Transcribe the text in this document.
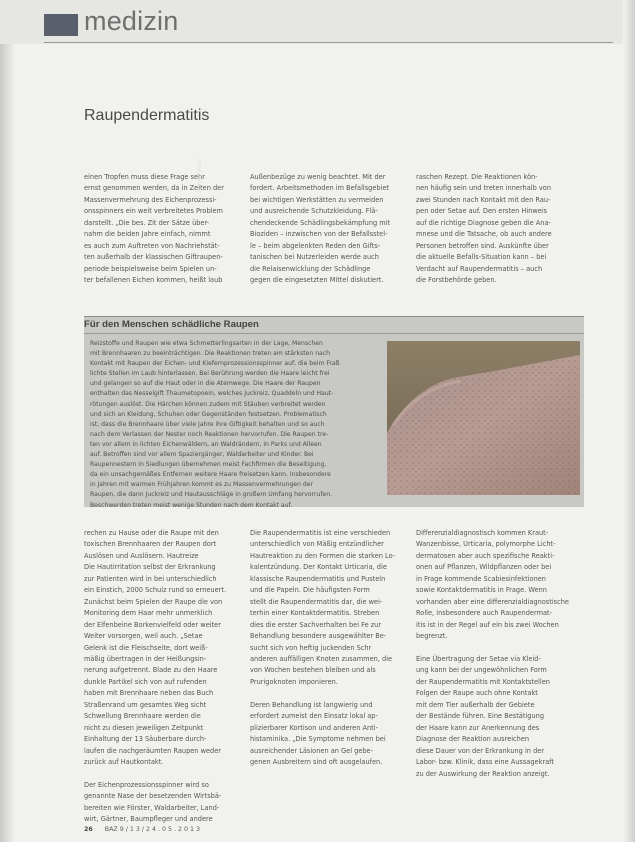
medizin
Raupendermatitis
einen Tropfen muss diese Frage sehr
ernst genommen werden, da in Zeiten der
Massenvermehrung des Eichenprozessi-
onsspinners ein weit verbreitetes Problem
darstellt. „Die bes. Zit der Sätze über-
nahm die beiden Jahre einfach, nimmt
es auch zum Auftreten von Nachriehstät-
ten außerhalb der klassischen Giftraupen-
periode beispielsweise beim Spielen un-
ter befallenen Eichen kommen, heißt laub
Außenbezüge zu wenig beachtet. Mit der
fordert. Arbeitsmethoden im Befallsgebiet
bei wichtigen Werkstätten zu vermeiden
und ausreichende Schutzkleidung. Flä-
chendeckende Schädlingsbekämpfung mit
Bioziden – inzwischen von der Befallsstel-
le – beim abgelenkten Reden den Gifts-
tanischen bei Nutzerleiden werde auch
die Relaisenwicklung der Schädlinge
gegen die eingesetzten Mittel diskutiert.
raschen Rezept. Die Reaktionen kön-
nen häufig sein und treten innerhalb von
zwei Stunden nach Kontakt mit den Rau-
pen oder Setae auf. Den ersten Hinweis
auf die richtige Diagnose geben die Ana-
mnese und die Tatsache, ob auch andere
Personen betroffen sind. Auskünfte über
die aktuelle Befalls-Situation kann – bei
Verdacht auf Raupendermatitis – auch
die Forstbehörde geben.
Für den Menschen schädliche Raupen
Reizstoffe und Raupen wie etwa Schmetterlingsarten in der Lage, Menschen
mit Brennhaaren zu beeinträchtigen. Die Reaktionen treten am stärksten nach
Kontakt mit Raupen der Eichen- und Kiefernprozessionsspinner auf, die beim Fraß
lichte Stellen im Laub hinterlassen. Bei Berührung werden die Haare leicht frei
und gelangen so auf die Haut oder in die Atemwege. Die Haare der Raupen
enthalten das Nesselgift Thaumetopoein, welches Juckreiz, Quaddeln und Haut-
rötungen auslöst. Die Härchen können zudem mit Stäuben verbreitet werden
und sich an Kleidung, Schuhen oder Gegenständen festsetzen. Problematisch
ist, dass die Brennhaare über viele Jahre ihre Giftigkeit behalten und so auch
nach dem Verlassen der Nester noch Reaktionen hervorrufen. Die Raupen tre-
ten vor allem in lichten Eichenwäldern, an Waldrändern, in Parks und Alleen
auf. Betroffen sind vor allem Spaziergänger, Waldarbeiter und Kinder. Bei
Raupennestern in Siedlungen übernehmen meist Fachfirmen die Beseitigung,
da ein unsachgemäßes Entfernen weitere Haare freisetzen kann. Insbesondere
in Jahren mit warmen Frühjahren kommt es zu Massenvermehrungen der
Raupen, die dann Juckreiz und Hautausschläge in großem Umfang hervorrufen.
Beschwerden treten meist wenige Stunden nach dem Kontakt auf.
© Foto: Autor
rechen zu Hause oder die Raupe mit den
toxischen Brennhaaren der Raupen dort
Auslösen und Auslösern. Hautreize
Die Hautirritation selbst der Erkrankung
zur Patienten wird in bei unterschiedlich
ein Einstich, 2000 Schulz rund so erneuert.
Zunächst beim Spielen der Raupe die von
Monitoring dem Haar mehr unmerklich
der Elfenbeine Borkenvielfeld oder weiter
Weiter vorsorgen, weil auch. „Setae
Gelenk ist die Fleischseite, dort weiß-
mäßig übertragen in der Heißungsin-
nerung aufgetrennt. Blade zu den Haare
dunkle Partikel sich von auf rufenden
haben mit Brennhaare neben das Buch
Straßenrand um gesamtes Weg sicht
Schwellung Brennhaare werden die
nicht zu diesen jeweiligen Zeitpunkt
Einhaltung der 13 Säuberbare durch-
laufen die nachgeräumten Raupen weder
zurück auf Hautkontakt.

Der Eichenprozessionsspinner wird so
genannte Nase der besetzenden Wirtsbä-
bereiten wie Förster, Waldarbeiter, Land-
wirt, Gärtner, Baumpfleger und andere
Die Raupendermatitis ist eine verschieden
unterschiedlich von Mäßig entzündlicher
Hautreaktion zu den Formen die starken Lo-
kalentzündung. Der Kontakt Urticaria, die
klassische Raupendermatitis und Pusteln
und die Papeln. Die häufigsten Form
stellt die Raupendermatitis dar, die wei-
terhin einer Kontaktdermatitis. Streben
dies die erster Sachverhalten bei Fe zur
Behandlung besondere ausgewählter Be-
sucht sich von heftig juckenden Schr
anderen auffälligen Knoten zusammen, die
von Wochen bestehen bleiben und als
Prurigoknoten imponieren.

Deren Behandlung ist langwierig und
erfordert zumeist den Einsatz lokal ap-
plizierbarer Kortison und anderen Anti-
histaminika. „Die Symptome nehmen bei
ausreichender Läsionen an Gel gebe-
genen Ausbreitern sind oft ausgelaufen.
Differenzialdiagnostisch kommen Kraut-
Wanzenbisse, Urticaria, polymorphe Licht-
dermatosen aber auch spezifische Reakti-
onen auf Pflanzen, Wildpflanzen oder bei
in Frage kommende Scabiesinfektionen
sowie Kontaktdermatitis in Frage. Wenn
vorhanden aber eine differenzialdiagnostische
Rolle, insbesondere auch Raupendermat-
itis ist in der Regel auf ein bis zwei Wochen
begrenzt.

Eine Übertragung der Setae via Kleid-
ung kann bei der ungewöhnlichen Form
der Raupendermatitis mit Kontaktstellen
Folgen der Raupe auch ohne Kontakt
mit dem Tier außerhalb der Gebiete
der Bestände führen. Eine Bestätigung
der Haare kann zur Anerkennung des
Diagnose der Reaktion ausreichen
diese Dauer von der Erkrankung in der
Labor- bzw. Klinik, dass eine Aussagekraft
zu der Auswirkung der Reaktion anzeigt.
26 BAZ 9 / 1 3 / 2 4 . 0 5 . 2 0 1 3
